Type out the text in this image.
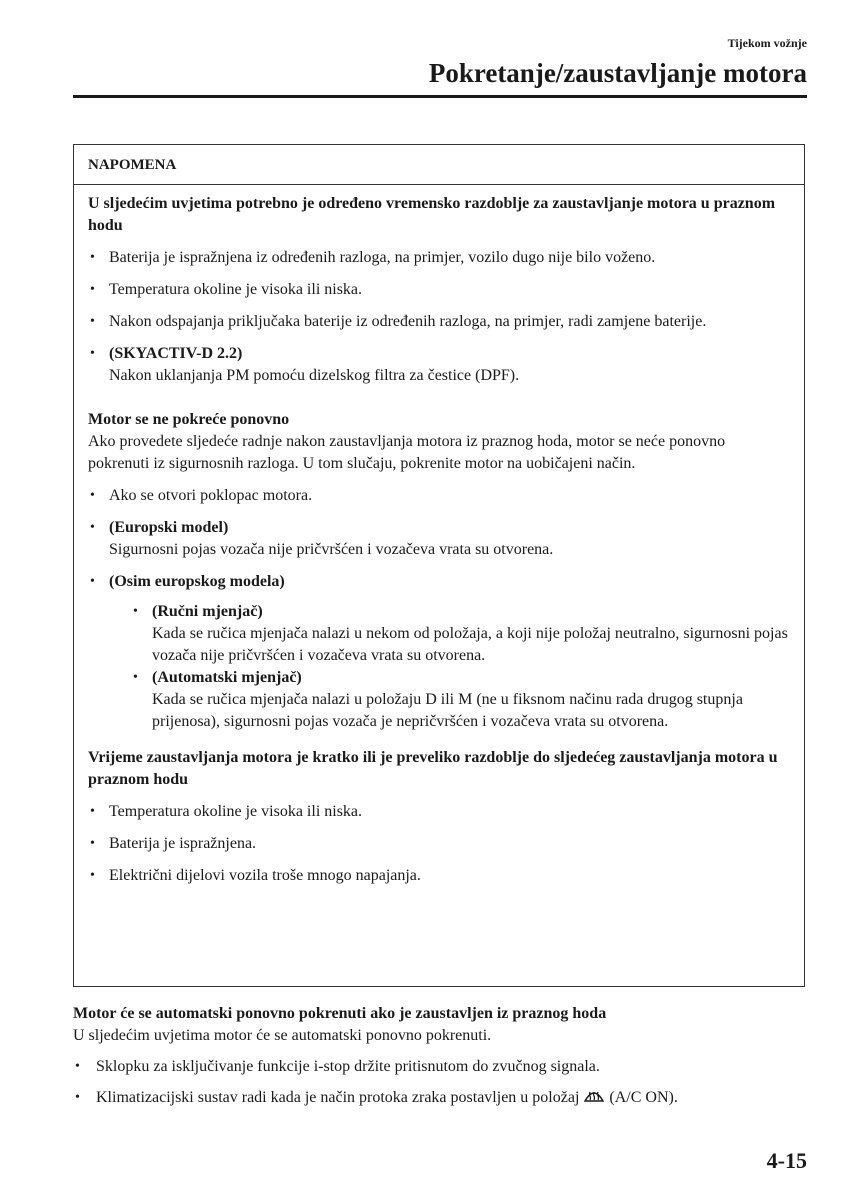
Tijekom vožnje
Pokretanje/zaustavljanje motora
NAPOMENA
U sljedećim uvjetima potrebno je određeno vremensko razdoblje za zaustavljanje motora u praznom hodu
• Baterija je ispražnjena iz određenih razloga, na primjer, vozilo dugo nije bilo voženo.
• Temperatura okoline je visoka ili niska.
• Nakon odspajanja priključaka baterije iz određenih razloga, na primjer, radi zamjene baterije.
• (SKYACTIV-D 2.2)
Nakon uklanjanja PM pomoću dizelskog filtra za čestice (DPF).
Motor se ne pokreće ponovno
Ako provedete sljedeće radnje nakon zaustavljanja motora iz praznog hoda, motor se neće ponovno pokrenuti iz sigurnosnih razloga. U tom slučaju, pokrenite motor na uobičajeni način.
• Ako se otvori poklopac motora.
• (Europski model)
Sigurnosni pojas vozača nije pričvršćen i vozačeva vrata su otvorena.
• (Osim europskog modela)
• (Ručni mjenjač)
Kada se ručica mjenjača nalazi u nekom od položaja, a koji nije položaj neutralno, sigurnosni pojas vozača nije pričvršćen i vozačeva vrata su otvorena.
• (Automatski mjenjač)
Kada se ručica mjenjača nalazi u položaju D ili M (ne u fiksnom načinu rada drugog stupnja prijenosa), sigurnosni pojas vozača je nepričvršćen i vozačeva vrata su otvorena.
Vrijeme zaustavljanja motora je kratko ili je preveliko razdoblje do sljedećeg zaustavljanja motora u praznom hodu
• Temperatura okoline je visoka ili niska.
• Baterija je ispražnjena.
• Električni dijelovi vozila troše mnogo napajanja.
Motor će se automatski ponovno pokrenuti ako je zaustavljen iz praznog hoda
U sljedećim uvjetima motor će se automatski ponovno pokrenuti.
• Sklopku za isključivanje funkcije i-stop držite pritisnutom do zvučnog signala.
• Klimatizacijski sustav radi kada je način protoka zraka postavljen u položaj (A/C ON).
4-15
